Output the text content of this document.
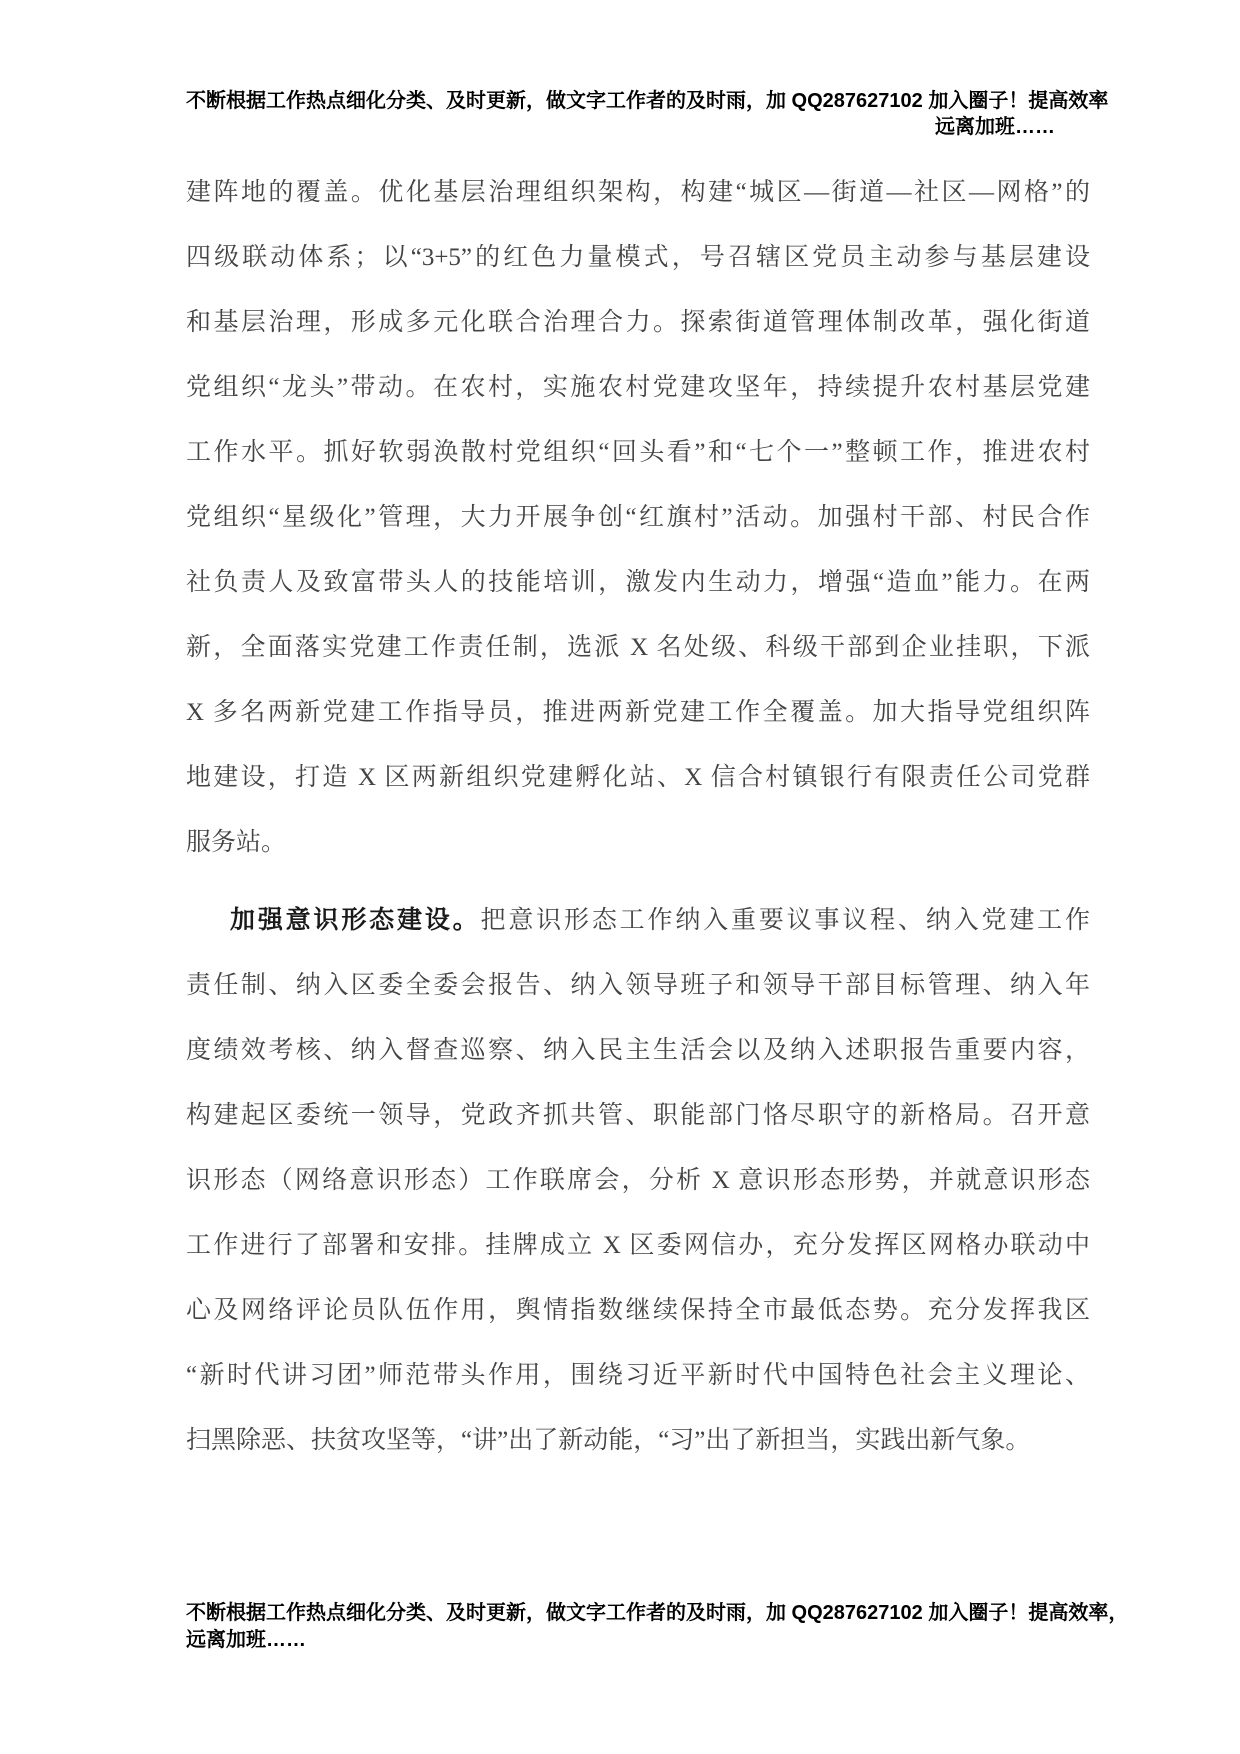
不断根据工作热点细化分类、及时更新，做文字工作者的及时雨，加 QQ287627102 加入圈子！提高效率
远离加班……
建阵地的覆盖。优化基层治理组织架构，构建“城区—街道—社区—网格”的
四级联动体系；以“3+5”的红色力量模式，号召辖区党员主动参与基层建设
和基层治理，形成多元化联合治理合力。探索街道管理体制改革，强化街道
党组织“龙头”带动。在农村，实施农村党建攻坚年，持续提升农村基层党建
工作水平。抓好软弱涣散村党组织“回头看”和“七个一”整顿工作，推进农村
党组织“星级化”管理，大力开展争创“红旗村”活动。加强村干部、村民合作
社负责人及致富带头人的技能培训，激发内生动力，增强“造血”能力。在两
新，全面落实党建工作责任制，选派 X 名处级、科级干部到企业挂职，下派
X 多名两新党建工作指导员，推进两新党建工作全覆盖。加大指导党组织阵
地建设，打造 X 区两新组织党建孵化站、X 信合村镇银行有限责任公司党群
服务站。
加强意识形态建设。把意识形态工作纳入重要议事议程、纳入党建工作
责任制、纳入区委全委会报告、纳入领导班子和领导干部目标管理、纳入年
度绩效考核、纳入督查巡察、纳入民主生活会以及纳入述职报告重要内容，
构建起区委统一领导，党政齐抓共管、职能部门恪尽职守的新格局。召开意
识形态（网络意识形态）工作联席会，分析 X 意识形态形势，并就意识形态
工作进行了部署和安排。挂牌成立 X 区委网信办，充分发挥区网格办联动中
心及网络评论员队伍作用，舆情指数继续保持全市最低态势。充分发挥我区
“新时代讲习团”师范带头作用，围绕习近平新时代中国特色社会主义理论、
扫黑除恶、扶贫攻坚等，“讲”出了新动能，“习”出了新担当，实践出新气象。
不断根据工作热点细化分类、及时更新，做文字工作者的及时雨，加 QQ287627102 加入圈子！提高效率，
远离加班……
